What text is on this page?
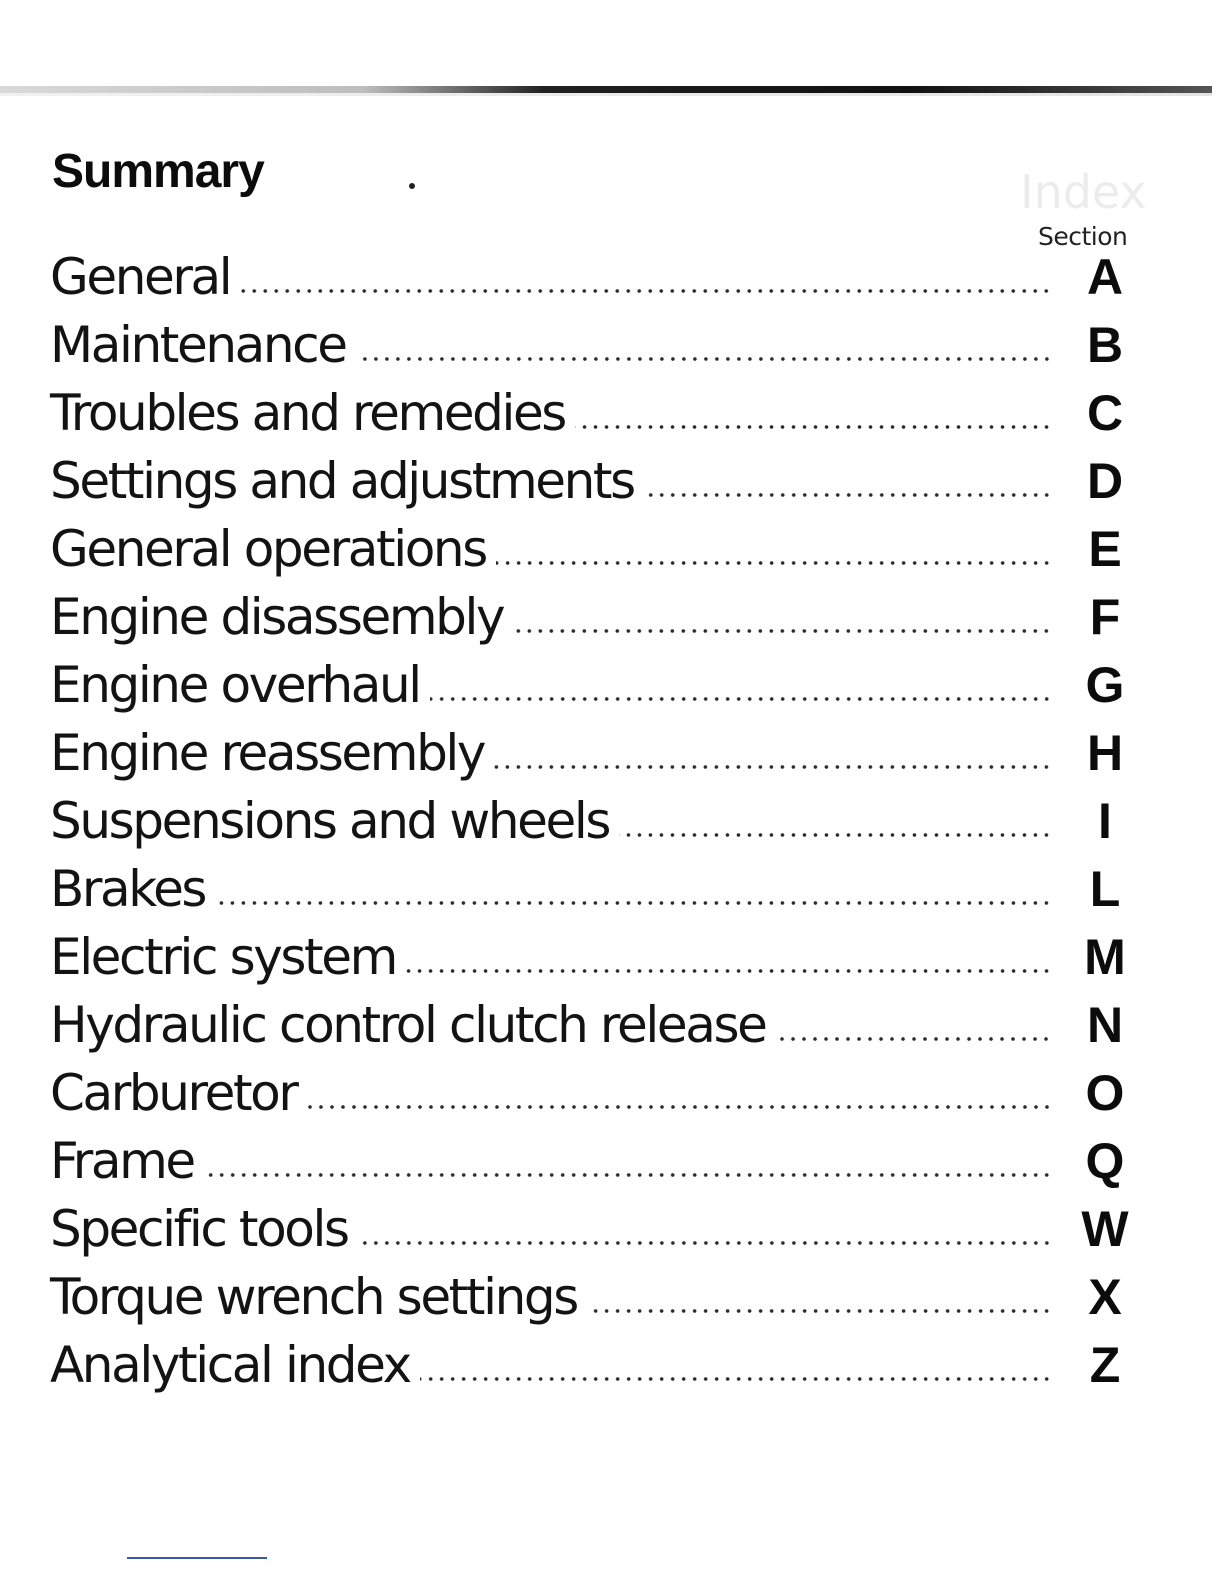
Index
Summary
Section
General	A
Maintenance	B
Troubles and remedies	C
Settings and adjustments	D
General operations	E
Engine disassembly	F
Engine overhaul	G
Engine reassembly	H
Suspensions and wheels	I
Brakes	L
Electric system	M
Hydraulic control clutch release	N
Carburetor	O
Frame	Q
Specific tools	W
Torque wrench settings	X
Analytical index	Z
